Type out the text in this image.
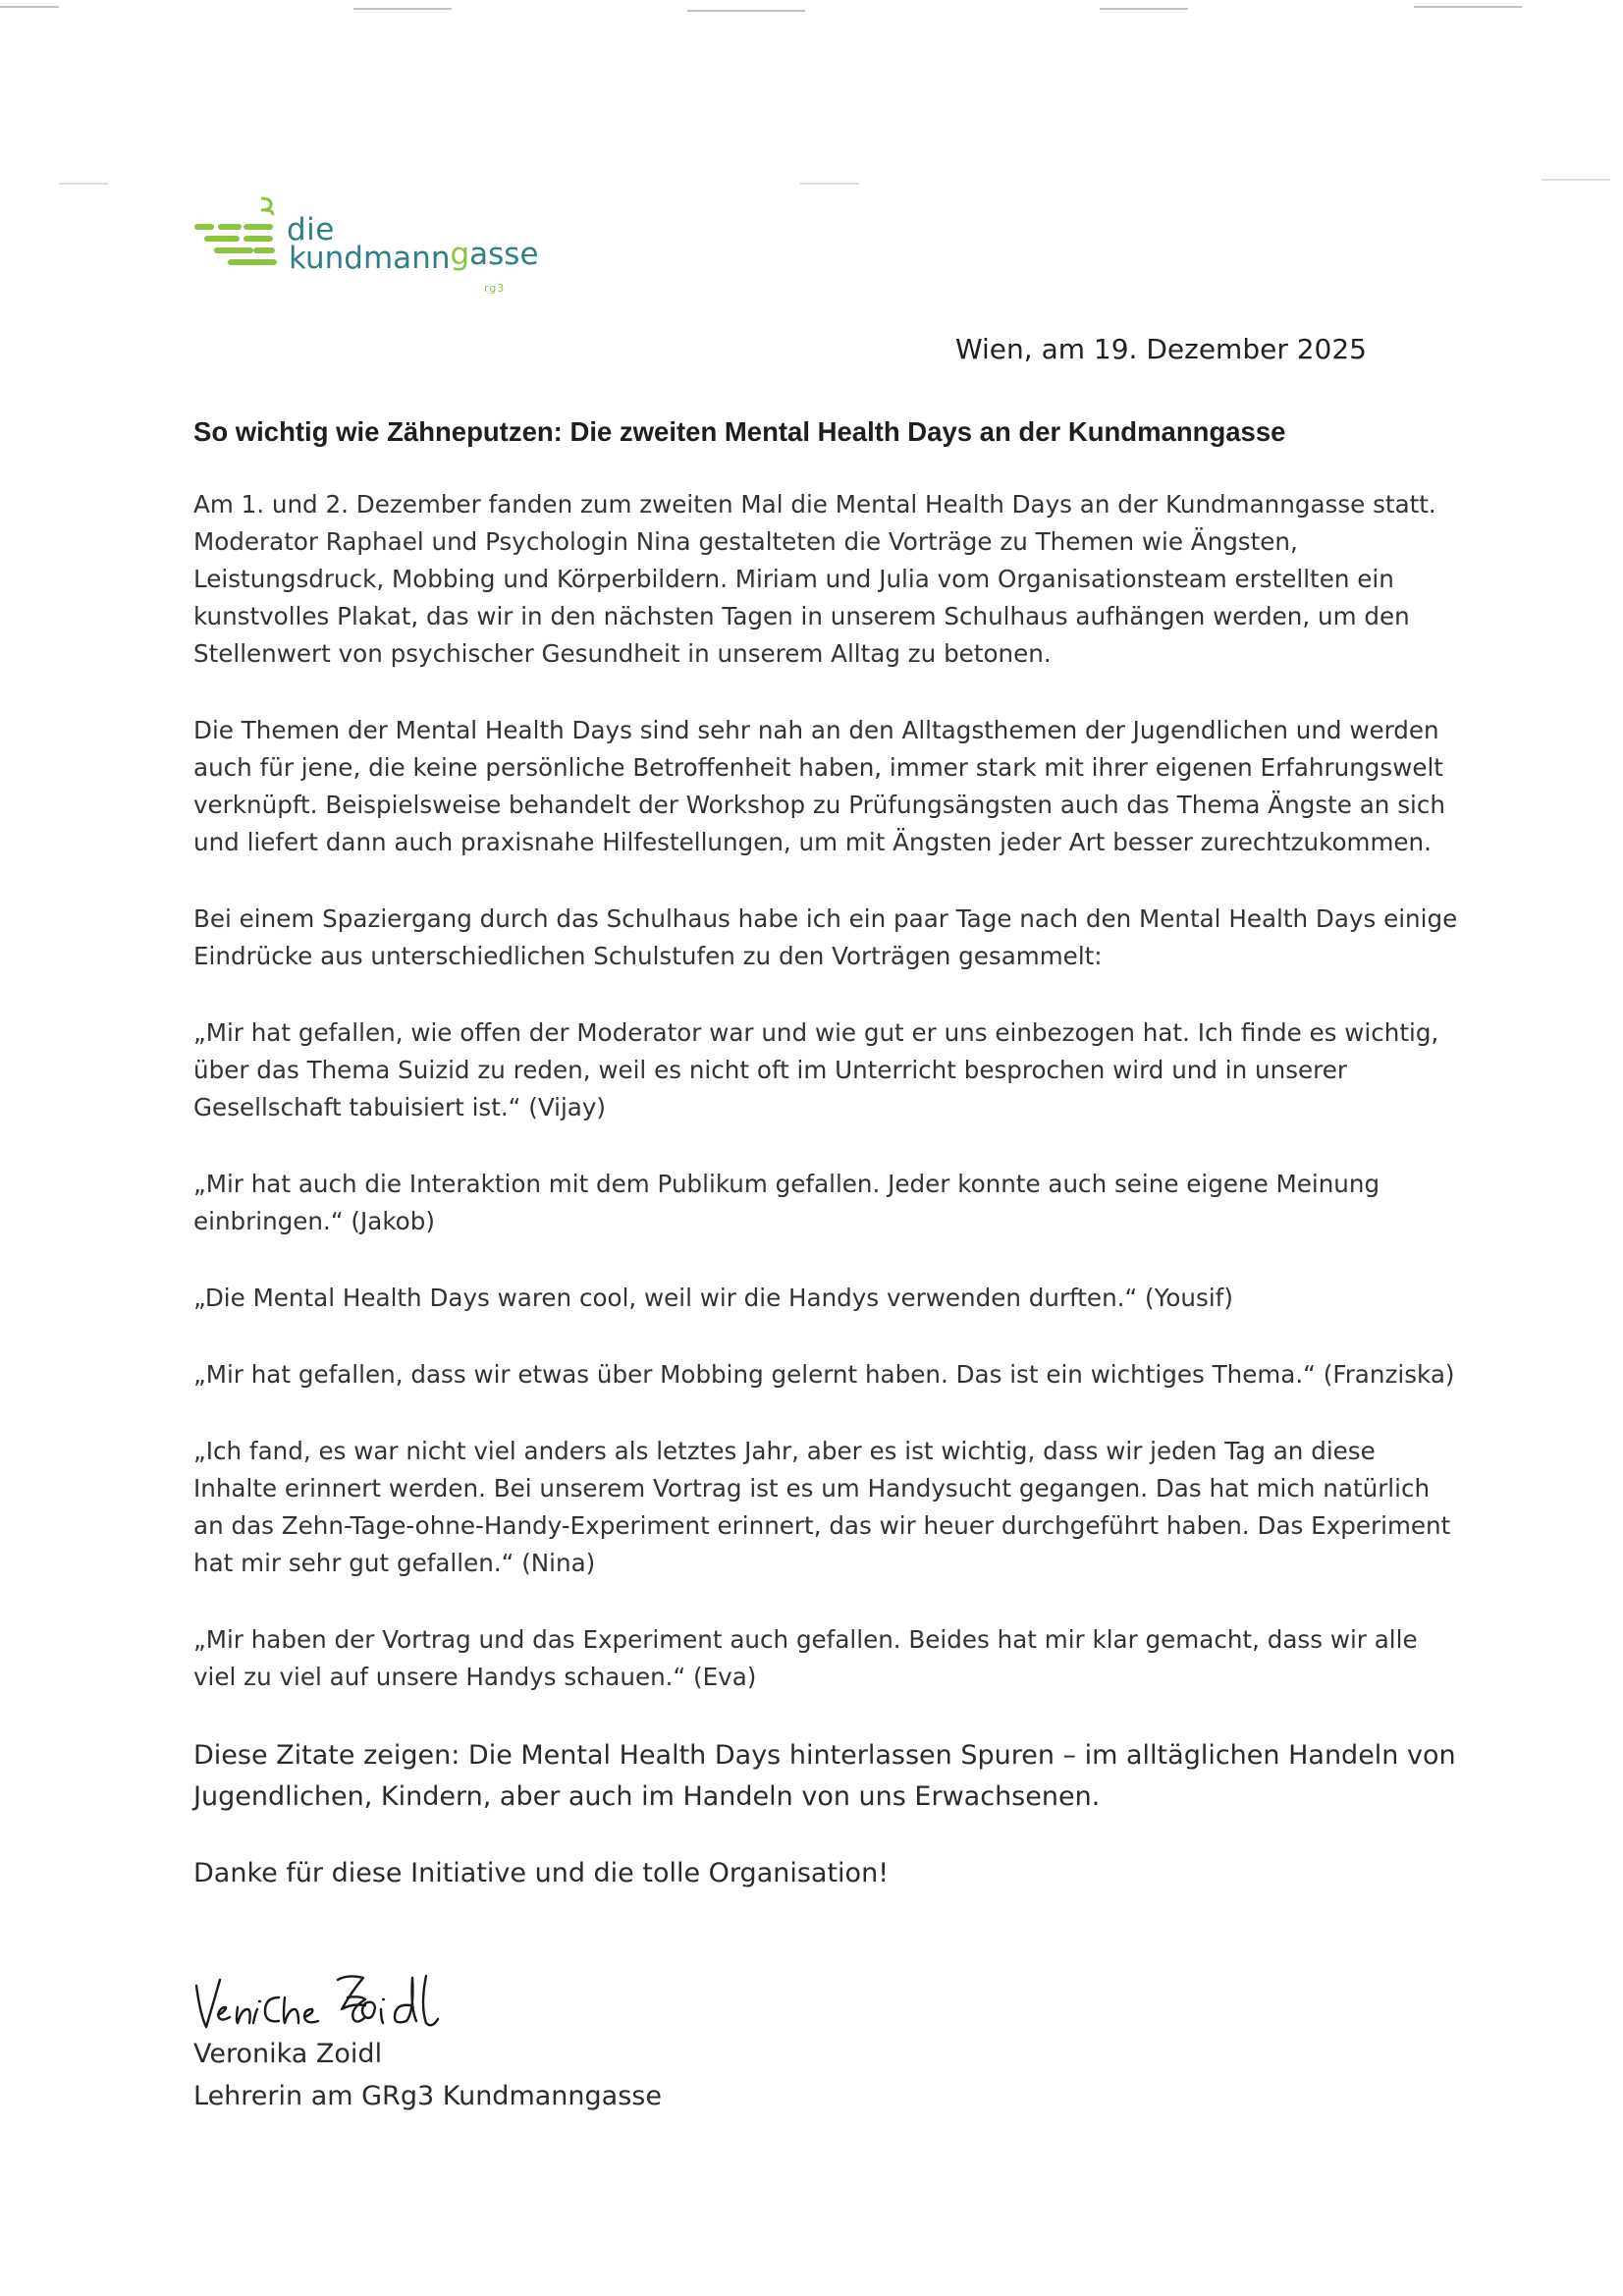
die
kundmanngasse
rg3
Wien, am 19. Dezember 2025
So wichtig wie Zähneputzen: Die zweiten Mental Health Days an der Kundmanngasse

Am 1. und 2. Dezember fanden zum zweiten Mal die Mental Health Days an der Kundmanngasse statt. Moderator Raphael und Psychologin Nina gestalteten die Vorträge zu Themen wie Ängsten, Leistungsdruck, Mobbing und Körperbildern. Miriam und Julia vom Organisationsteam erstellten ein kunstvolles Plakat, das wir in den nächsten Tagen in unserem Schulhaus aufhängen werden, um den Stellenwert von psychischer Gesundheit in unserem Alltag zu betonen.

Die Themen der Mental Health Days sind sehr nah an den Alltagsthemen der Jugendlichen und werden auch für jene, die keine persönliche Betroffenheit haben, immer stark mit ihrer eigenen Erfahrungswelt verknüpft. Beispielsweise behandelt der Workshop zu Prüfungsängsten auch das Thema Ängste an sich und liefert dann auch praxisnahe Hilfestellungen, um mit Ängsten jeder Art besser zurechtzukommen.

Bei einem Spaziergang durch das Schulhaus habe ich ein paar Tage nach den Mental Health Days einige Eindrücke aus unterschiedlichen Schulstufen zu den Vorträgen gesammelt:

„Mir hat gefallen, wie offen der Moderator war und wie gut er uns einbezogen hat. Ich finde es wichtig, über das Thema Suizid zu reden, weil es nicht oft im Unterricht besprochen wird und in unserer Gesellschaft tabuisiert ist.“ (Vijay)

„Mir hat auch die Interaktion mit dem Publikum gefallen. Jeder konnte auch seine eigene Meinung einbringen.“ (Jakob)

„Die Mental Health Days waren cool, weil wir die Handys verwenden durften.“ (Yousif)

„Mir hat gefallen, dass wir etwas über Mobbing gelernt haben. Das ist ein wichtiges Thema.“ (Franziska)

„Ich fand, es war nicht viel anders als letztes Jahr, aber es ist wichtig, dass wir jeden Tag an diese Inhalte erinnert werden. Bei unserem Vortrag ist es um Handysucht gegangen. Das hat mich natürlich an das Zehn-Tage-ohne-Handy-Experiment erinnert, das wir heuer durchgeführt haben. Das Experiment hat mir sehr gut gefallen.“ (Nina)

„Mir haben der Vortrag und das Experiment auch gefallen. Beides hat mir klar gemacht, dass wir alle viel zu viel auf unsere Handys schauen.“ (Eva)

Diese Zitate zeigen: Die Mental Health Days hinterlassen Spuren – im alltäglichen Handeln von Jugendlichen, Kindern, aber auch im Handeln von uns Erwachsenen.

Danke für diese Initiative und die tolle Organisation!

Veronika Zoidl
Lehrerin am GRg3 Kundmanngasse
